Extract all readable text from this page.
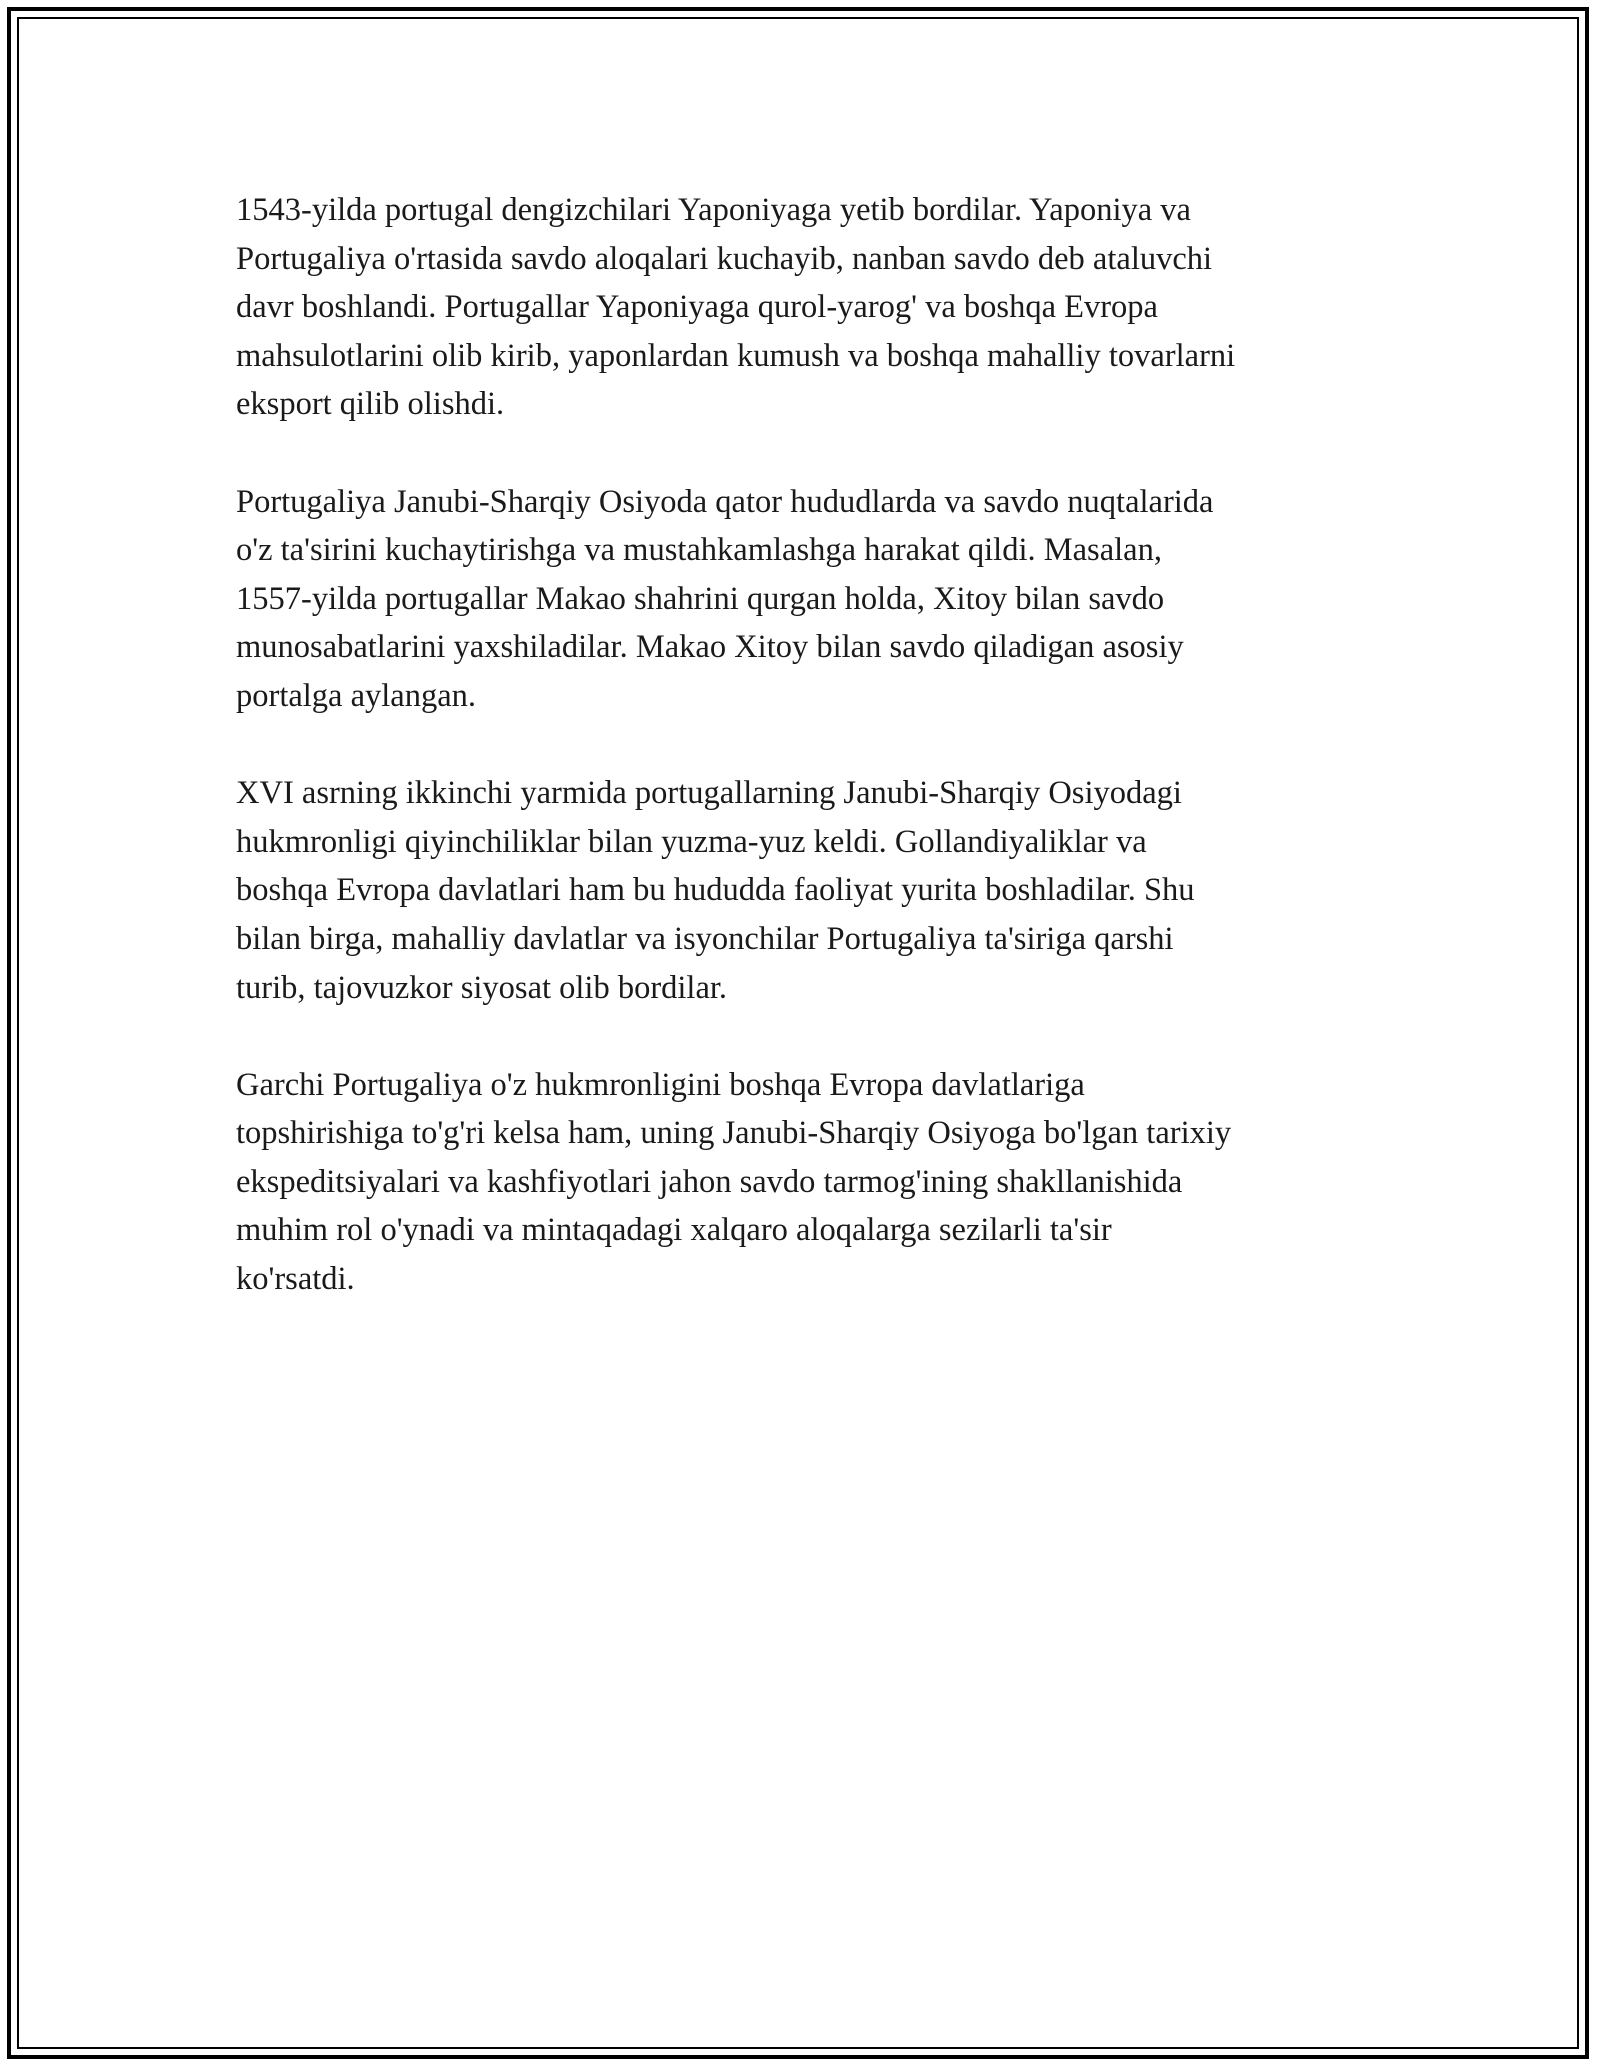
1543-yilda portugal dengizchilari Yaponiyaga yetib bordilar. Yaponiya va
Portugaliya o'rtasida savdo aloqalari kuchayib, nanban savdo deb ataluvchi
davr boshlandi. Portugallar Yaponiyaga qurol-yarog' va boshqa Evropa
mahsulotlarini olib kirib, yaponlardan kumush va boshqa mahalliy tovarlarni
eksport qilib olishdi.

Portugaliya Janubi-Sharqiy Osiyoda qator hududlarda va savdo nuqtalarida
o'z ta'sirini kuchaytirishga va mustahkamlashga harakat qildi. Masalan,
1557-yilda portugallar Makao shahrini qurgan holda, Xitoy bilan savdo
munosabatlarini yaxshiladilar. Makao Xitoy bilan savdo qiladigan asosiy
portalga aylangan.

XVI asrning ikkinchi yarmida portugallarning Janubi-Sharqiy Osiyodagi
hukmronligi qiyinchiliklar bilan yuzma-yuz keldi. Gollandiyaliklar va
boshqa Evropa davlatlari ham bu hududda faoliyat yurita boshladilar. Shu
bilan birga, mahalliy davlatlar va isyonchilar Portugaliya ta'siriga qarshi
turib, tajovuzkor siyosat olib bordilar.

Garchi Portugaliya o'z hukmronligini boshqa Evropa davlatlariga
topshirishiga to'g'ri kelsa ham, uning Janubi-Sharqiy Osiyoga bo'lgan tarixiy
ekspeditsiyalari va kashfiyotlari jahon savdo tarmog'ining shakllanishida
muhim rol o'ynadi va mintaqadagi xalqaro aloqalarga sezilarli ta'sir
ko'rsatdi.
